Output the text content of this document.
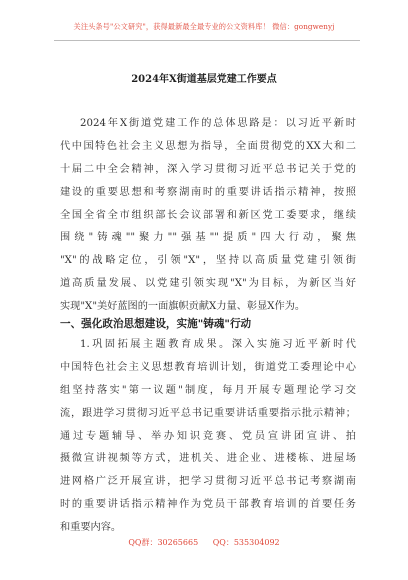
关注头条号"公文研究"，获得最新最全最专业的公文资料库！ 微信：gongwenyj
2024年X街道基层党建工作要点
2024年X街道党建工作的总体思路是：以习近平新时
代中国特色社会主义思想为指导，全面贯彻党的XX大和二
十届二中全会精神，深入学习贯彻习近平总书记关于党的
建设的重要思想和考察湖南时的重要讲话指示精神，按照
全国全省全市组织部长会议部署和新区党工委要求，继续
围绕"铸魂""聚力""强基""提质"四大行动，聚焦
"X"的战略定位，引领"X"，坚持以高质量党建引领街
道高质量发展、以党建引领实现"X"为目标，为新区当好
实现"X"美好蓝图的一面旗帜贡献X力量、彰显X作为。
一、强化政治思想建设，实施"铸魂"行动
1.巩固拓展主题教育成果。深入实施习近平新时代
中国特色社会主义思想教育培训计划，街道党工委理论中心
组坚持落实"第一议题"制度，每月开展专题理论学习交
流，跟进学习贯彻习近平总书记重要讲话重要指示批示精神；
通过专题辅导、举办知识竞赛、党员宣讲团宣讲、拍
摄微宣讲视频等方式，进机关、进企业、进楼栋、进屋场
进网格广泛开展宣讲，把学习贯彻习近平总书记考察湖南
时的重要讲话指示精神作为党员干部教育培训的首要任务
和重要内容。
QQ群：30265665 QQ：535304092
